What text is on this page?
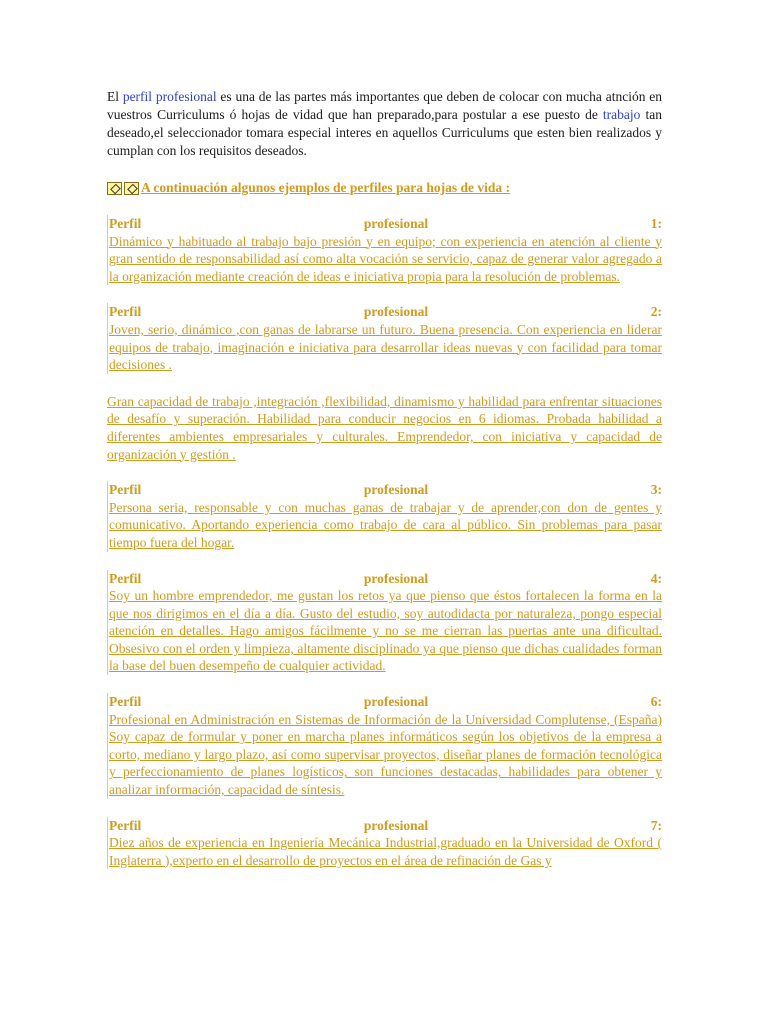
El perfil profesional es una de las partes más importantes que deben de colocar con mucha atnción en vuestros Curriculums ó hojas de vidad que han preparado,para postular a ese puesto de trabajo tan deseado,el seleccionador tomara especial interes en aquellos Curriculums que esten bien realizados y cumplan con los requisitos deseados.

A continuación algunos ejemplos de perfiles para hojas de vida :
Perfil	profesional	1:
Dinámico y habituado al trabajo bajo presión y en equipo; con experiencia en atención al cliente y gran sentido de responsabilidad así como alta vocación se servicio, capaz de generar valor agregado a la organización mediante creación de ideas e iniciativa propia para la resolución de problemas.
Perfil	profesional	2:
Joven, serio, dinámico ,con ganas de labrarse un futuro. Buena presencia. Con experiencia en liderar equipos de trabajo, imaginación e iniciativa para desarrollar ideas nuevas y con facilidad para tomar decisiones .
Gran capacidad de trabajo ,integración ,flexibilidad, dinamismo y habilidad para enfrentar situaciones de desafío y superación. Habilidad para conducir negocios en 6 idiomas. Probada habilidad a diferentes ambientes empresariales y culturales. Emprendedor, con iniciativa y capacidad de organización y gestión .
Perfil	profesional	3:
Persona seria, responsable y con muchas ganas de trabajar y de aprender,con don de gentes y comunicativo. Aportando experiencia como trabajo de cara al público. Sin problemas para pasar tiempo fuera del hogar.
Perfil	profesional	4:
Soy un hombre emprendedor, me gustan los retos ya que pienso que éstos fortalecen la forma en la que nos dirigimos en el día a día. Gusto del estudio, soy autodidacta por naturaleza, pongo especial atención en detalles. Hago amigos fácilmente y no se me cierran las puertas ante una dificultad. Obsesivo con el orden y limpieza, altamente disciplinado ya que pienso que dichas cualidades forman la base del buen desempeño de cualquier actividad.
Perfil	profesional	6:
Profesional en Administración en Sistemas de Información de la Universidad Complutense, (España) Soy capaz de formular y poner en marcha planes informáticos según los objetivos de la empresa a corto, mediano y largo plazo, así como supervisar proyectos, diseñar planes de formación tecnológica y perfeccionamiento de planes logísticos, son funciones destacadas, habilidades para obtener y analizar información, capacidad de síntesis.
Perfil	profesional	7:
Diez años de experiencia en Ingeniería Mecánica Industrial,graduado en la Universidad de Oxford ( Inglaterra ),experto en el desarrollo de proyectos en el área de refinación de Gas y
